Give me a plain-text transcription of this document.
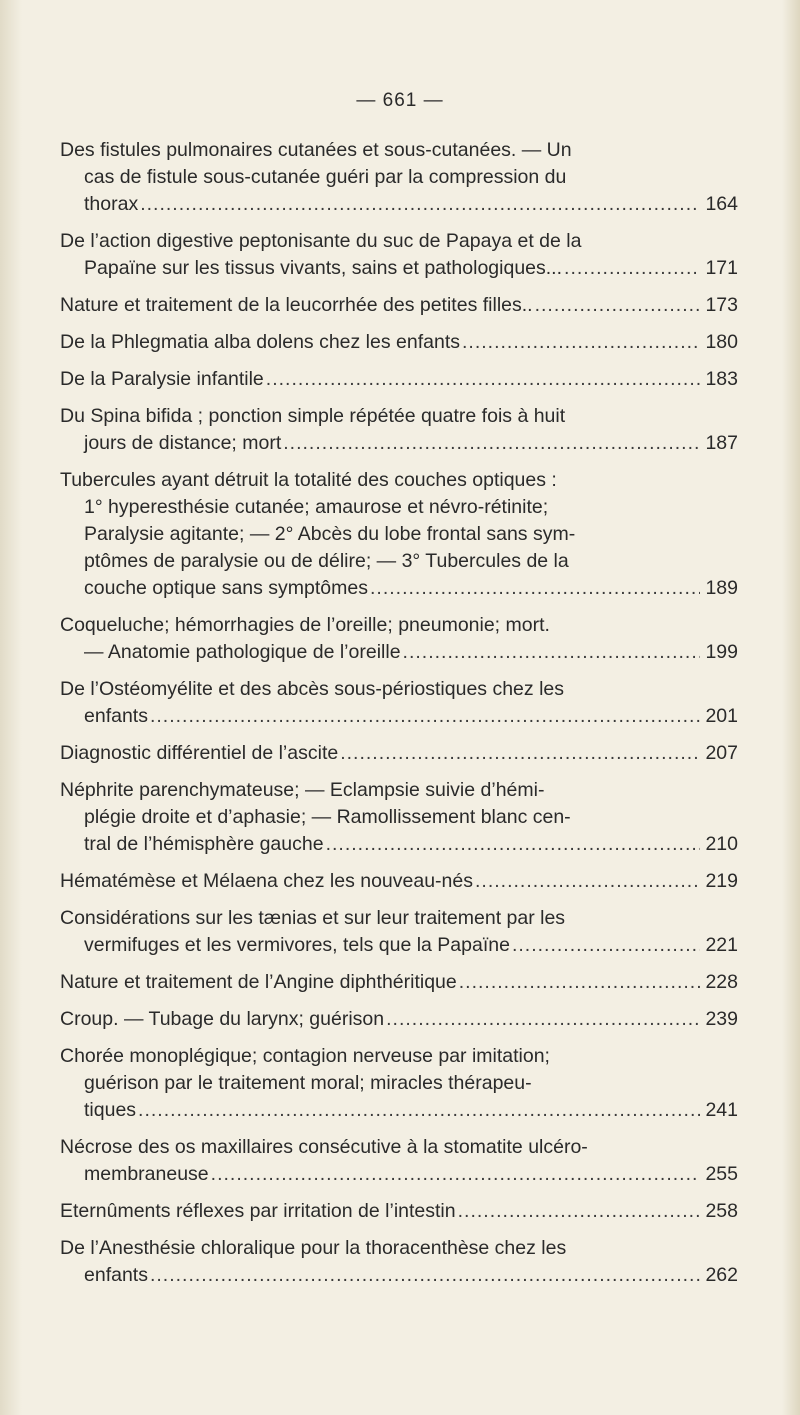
— 661 —
Des fistules pulmonaires cutanées et sous-cutanées. — Un
cas de fistule sous-cutanée guéri par la compression du
thorax .....	164
De l’action digestive peptonisante du suc de Papaya et de la
Papaïne sur les tissus vivants, sains et pathologiques... .....	171
Nature et traitement de la leucorrhée des petites filles.. .....	173
De la Phlegmatia alba dolens chez les enfants .....	180
De la Paralysie infantile .....	183
Du Spina bifida ; ponction simple répétée quatre fois à huit
jours de distance; mort .....	187
Tubercules ayant détruit la totalité des couches optiques :
1° hyperesthésie cutanée; amaurose et névro-rétinite;
Paralysie agitante; — 2° Abcès du lobe frontal sans sym-
ptômes de paralysie ou de délire; — 3° Tubercules de la
couche optique sans symptômes .....	189
Coqueluche; hémorrhagies de l’oreille; pneumonie; mort.
— Anatomie pathologique de l’oreille .....	199
De l’Ostéomyélite et des abcès sous-périostiques chez les
enfants .....	201
Diagnostic différentiel de l’ascite .....	207
Néphrite parenchymateuse; — Eclampsie suivie d’hémi-
plégie droite et d’aphasie; — Ramollissement blanc cen-
tral de l’hémisphère gauche .....	210
Hématémèse et Mélaena chez les nouveau-nés .....	219
Considérations sur les tænias et sur leur traitement par les
vermifuges et les vermivores, tels que la Papaïne .....	221
Nature et traitement de l’Angine diphthéritique .....	228
Croup. — Tubage du larynx; guérison .....	239
Chorée monoplégique; contagion nerveuse par imitation;
guérison par le traitement moral; miracles thérapeu-
tiques .....	241
Nécrose des os maxillaires consécutive à la stomatite ulcéro-
membraneuse .....	255
Eternûments réflexes par irritation de l’intestin .....	258
De l’Anesthésie chloralique pour la thoracenthèse chez les
enfants .....	262
